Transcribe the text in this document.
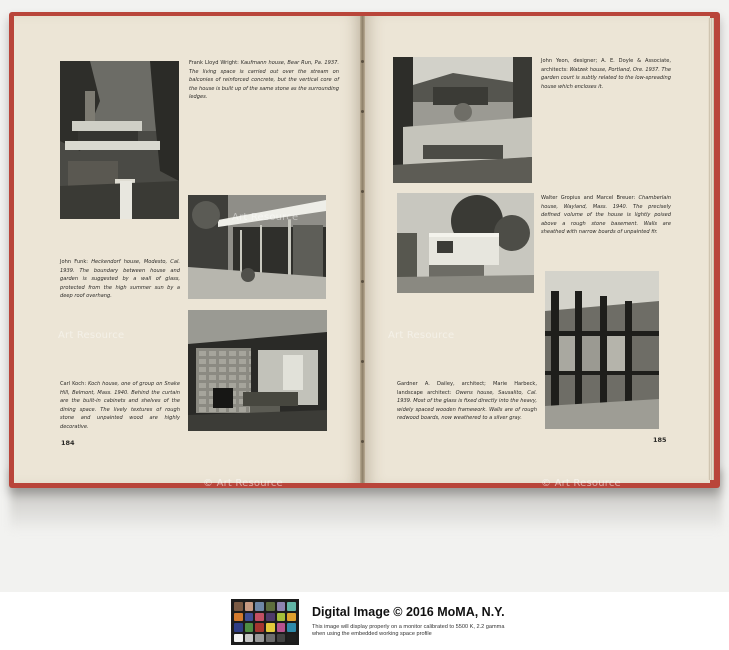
Frank Lloyd Wright: Kaufmann house, Bear Run, Pa. 1937. The living space is carried out over the stream on balconies of reinforced concrete, but the vertical core of the house is built up of the same stone as the surrounding ledges.

John Funk: Heckendorf house, Modesto, Cal. 1939. The boundary between house and garden is suggested by a wall of glass, protected from the high summer sun by a deep roof overhang.

Carl Koch: Koch house, one of group on Snake Hill, Belmont, Mass. 1940. Behind the curtain are the built-in cabinets and shelves of the dining space. The lively textures of rough stone and unpainted wood are highly decorative.

184

John Yeon, designer; A. E. Doyle & Associate, architects: Watzek house, Portland, Ore. 1937. The garden court is subtly related to the low-spreading house which encloses it.

Walter Gropius and Marcel Breuer: Chamberlain house, Wayland, Mass. 1940. The precisely defined volume of the house is lightly poised above a rough stone basement. Walls are sheathed with narrow boards of unpainted fir.

Gardner A. Dailey, architect; Marie Harbeck, landscape architect: Owens house, Sausalito, Cal. 1939. Most of the glass is fixed directly into the heavy, widely spaced wooden framework. Walls are of rough redwood boards, now weathered to a silver gray.

185
Art Resource
Art Resource	Art Resource
© Art Resource	© Art Resource
Digital Image © 2016 MoMA, N.Y.
This image will display properly on a monitor calibrated to 5500 K, 2.2 gamma when using the embedded working space profile
